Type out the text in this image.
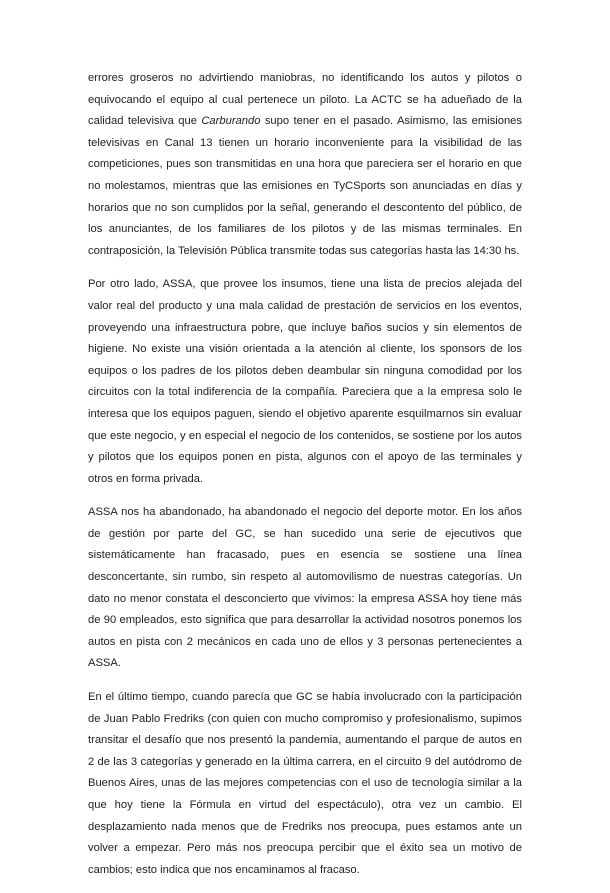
errores groseros no advirtiendo maniobras, no identificando los autos y pilotos o equivocando el equipo al cual pertenece un piloto. La ACTC se ha adueñado de la calidad televisiva que Carburando supo tener en el pasado. Asimismo, las emisiones televisivas en Canal 13 tienen un horario inconveniente para la visibilidad de las competiciones, pues son transmitidas en una hora que pareciera ser el horario en que no molestamos, mientras que las emisiones en TyCSports son anunciadas en días y horarios que no son cumplidos por la señal, generando el descontento del público, de los anunciantes, de los familiares de los pilotos y de las mismas terminales. En contraposición, la Televisión Pública transmite todas sus categorías hasta las 14:30 hs.

Por otro lado, ASSA, que provee los insumos, tiene una lista de precios alejada del valor real del producto y una mala calidad de prestación de servicios en los eventos, proveyendo una infraestructura pobre, que incluye baños sucios y sin elementos de higiene. No existe una visión orientada a la atención al cliente, los sponsors de los equipos o los padres de los pilotos deben deambular sin ninguna comodidad por los circuitos con la total indiferencia de la compañía. Pareciera que a la empresa solo le interesa que los equipos paguen, siendo el objetivo aparente esquilmarnos sin evaluar que este negocio, y en especial el negocio de los contenidos, se sostiene por los autos y pilotos que los equipos ponen en pista, algunos con el apoyo de las terminales y otros en forma privada.

ASSA nos ha abandonado, ha abandonado el negocio del deporte motor. En los años de gestión por parte del GC, se han sucedido una serie de ejecutivos que sistemáticamente han fracasado, pues en esencia se sostiene una línea desconcertante, sin rumbo, sin respeto al automovilismo de nuestras categorías. Un dato no menor constata el desconcierto que vivimos: la empresa ASSA hoy tiene más de 90 empleados, esto significa que para desarrollar la actividad nosotros ponemos los autos en pista con 2 mecánicos en cada uno de ellos y 3 personas pertenecientes a ASSA.

En el último tiempo, cuando parecía que GC se había involucrado con la participación de Juan Pablo Fredriks (con quien con mucho compromiso y profesionalismo, supimos transitar el desafío que nos presentó la pandemia, aumentando el parque de autos en 2 de las 3 categorías y generado en la última carrera, en el circuito 9 del autódromo de Buenos Aires, unas de las mejores competencias con el uso de tecnología similar a la que hoy tiene la Fórmula en virtud del espectáculo), otra vez un cambio. El desplazamiento nada menos que de Fredriks nos preocupa, pues estamos ante un volver a empezar. Pero más nos preocupa percibir que el éxito sea un motivo de cambios; esto indica que nos encaminamos al fracaso.
